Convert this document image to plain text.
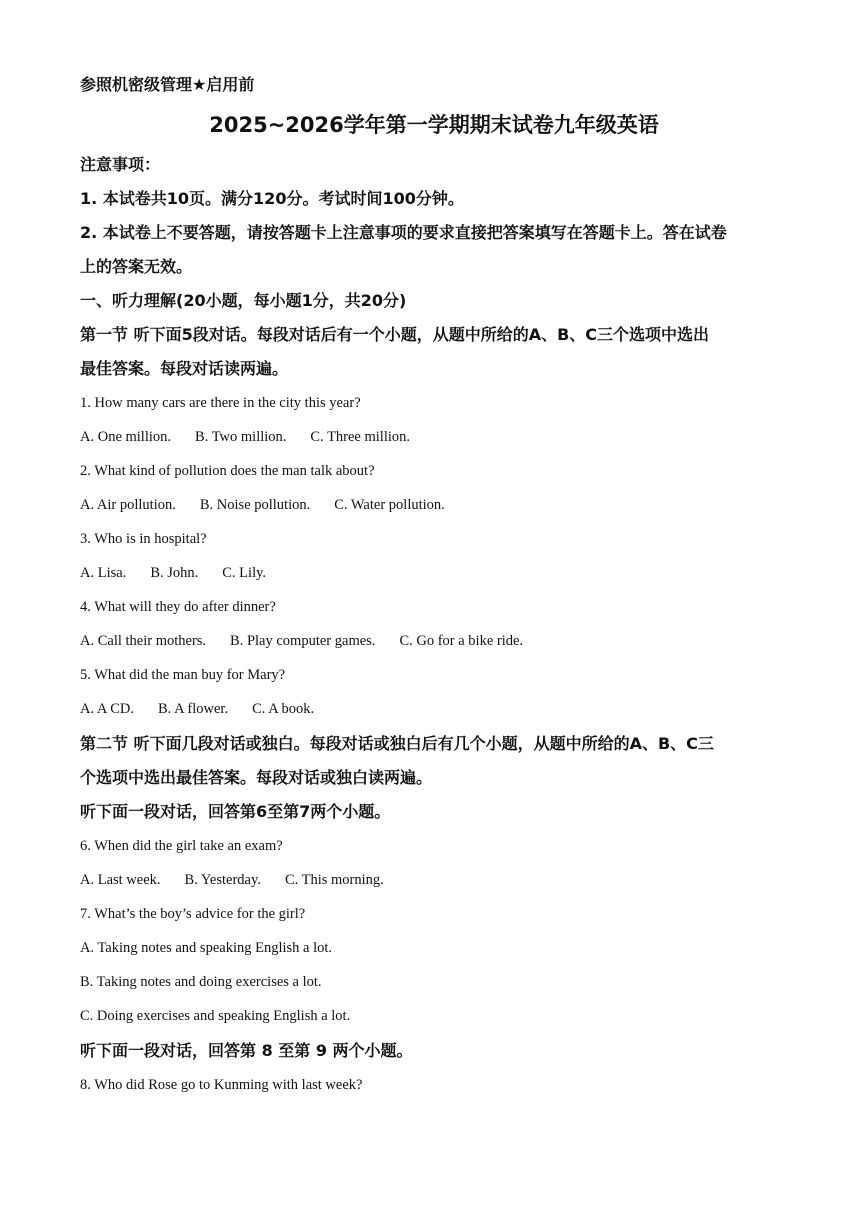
参照机密级管理★启用前
2025~2026学年第一学期期末试卷九年级英语
注意事项：
1. 本试卷共10页。满分120分。考试时间100分钟。
2. 本试卷上不要答题，请按答题卡上注意事项的要求直接把答案填写在答题卡上。答在试卷
上的答案无效。
一、听力理解(20小题，每小题1分，共20分)
第一节 听下面5段对话。每段对话后有一个小题，从题中所给的A、B、C三个选项中选出
最佳答案。每段对话读两遍。
1. How many cars are there in the city this year?
A. One million. B. Two million. C. Three million.
2. What kind of pollution does the man talk about?
A. Air pollution. B. Noise pollution. C. Water pollution.
3. Who is in hospital?
A. Lisa. B. John. C. Lily.
4. What will they do after dinner?
A. Call their mothers. B. Play computer games. C. Go for a bike ride.
5. What did the man buy for Mary?
A. A CD. B. A flower. C. A book.
第二节 听下面几段对话或独白。每段对话或独白后有几个小题，从题中所给的A、B、C三
个选项中选出最佳答案。每段对话或独白读两遍。
听下面一段对话，回答第6至第7两个小题。
6. When did the girl take an exam?
A. Last week. B. Yesterday. C. This morning.
7. What’s the boy’s advice for the girl?
A. Taking notes and speaking English a lot.
B. Taking notes and doing exercises a lot.
C. Doing exercises and speaking English a lot.
听下面一段对话，回答第 8 至第 9 两个小题。
8. Who did Rose go to Kunming with last week?
